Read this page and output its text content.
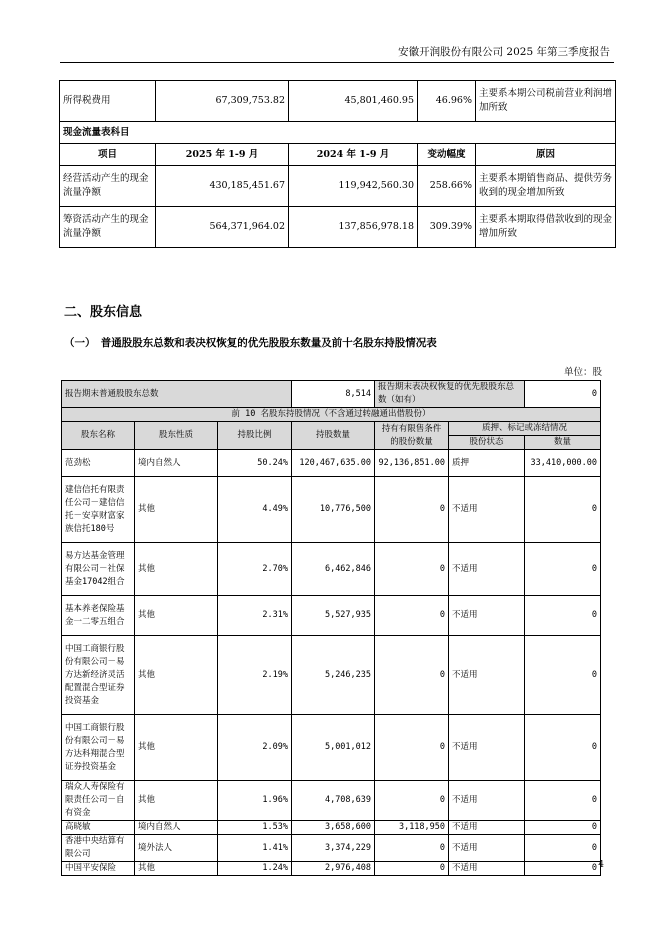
安徽开润股份有限公司 2025 年第三季度报告
所得税费用	67,309,753.82	45,801,460.95	46.96%	主要系本期公司税前营业利润增加所致
现金流量表科目				
项目	2025 年 1-9 月	2024 年 1-9 月	变动幅度	原因
经营活动产生的现金流量净额	430,185,451.67	119,942,560.30	258.66%	主要系本期销售商品、提供劳务收到的现金增加所致
筹资活动产生的现金流量净额	564,371,964.02	137,856,978.18	309.39%	主要系本期取得借款收到的现金增加所致
二、股东信息
（一）　普通股股东总数和表决权恢复的优先股股东数量及前十名股东持股情况表
单位：股
报告期末普通股股东总数			8,514	报告期末表决权恢复的优先股股东总数（如有）		0
前 10 名股东持股情况（不含通过转融通出借股份）						
股东名称	股东性质	持股比例	持股数量	持有有限售条件的股份数量	质押、标记或冻结情况	
					股份状态	数量
范劲松	境内自然人	50.24%	120,467,635.00	92,136,851.00	质押	33,410,000.00
建信信托有限责任公司－建信信托－安享财富家族信托180号	其他	4.49%	10,776,500	0	不适用	0
易方达基金管理有限公司－社保基金17042组合	其他	2.70%	6,462,846	0	不适用	0
基本养老保险基金一二零五组合	其他	2.31%	5,527,935	0	不适用	0
中国工商银行股份有限公司－易方达新经济灵活配置混合型证券投资基金	其他	2.19%	5,246,235	0	不适用	0
中国工商银行股份有限公司－易方达科翔混合型证券投资基金	其他	2.09%	5,001,012	0	不适用	0
瑞众人寿保险有限责任公司－自有资金	其他	1.96%	4,708,639	0	不适用	0
高晓敏	境内自然人	1.53%	3,658,600	3,118,950	不适用	0
香港中央结算有限公司	境外法人	1.41%	3,374,229	0	不适用	0
中国平安保险	其他	1.24%	2,976,408	0	不适用	0 4
